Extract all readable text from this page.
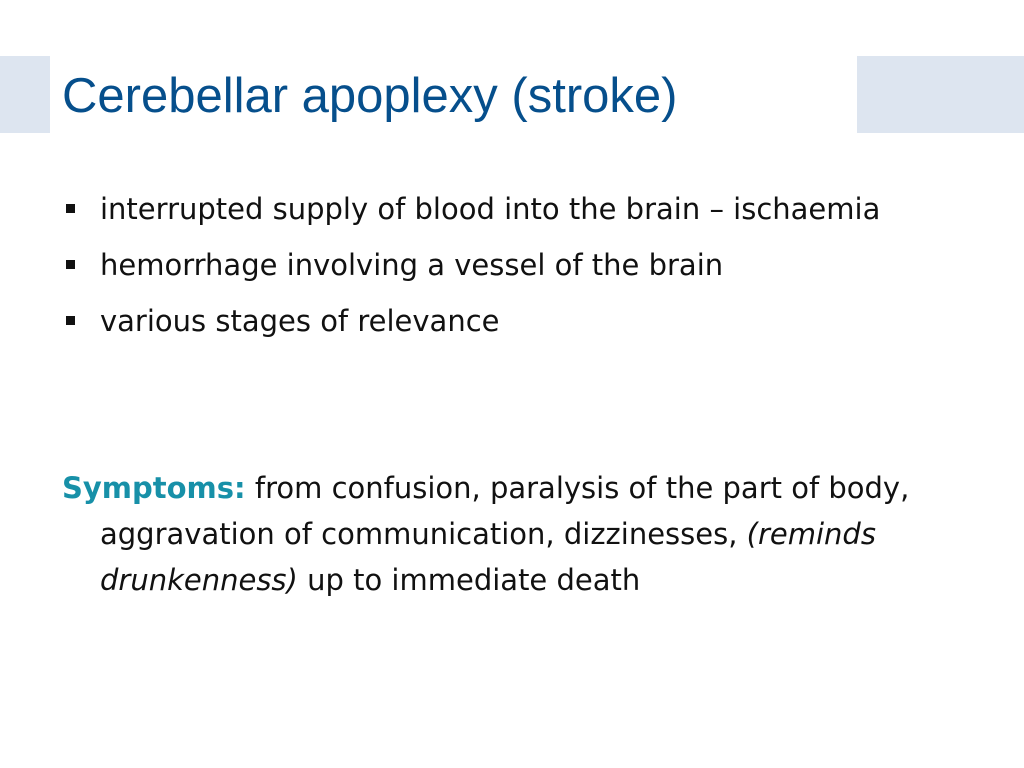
Cerebellar apoplexy (stroke)
interrupted supply of blood into the brain – ischaemia
hemorrhage involving a vessel of the brain
various stages of relevance

Symptoms: from confusion, paralysis of the part of body, aggravation of communication, dizzinesses, (reminds drunkenness) up to immediate death
